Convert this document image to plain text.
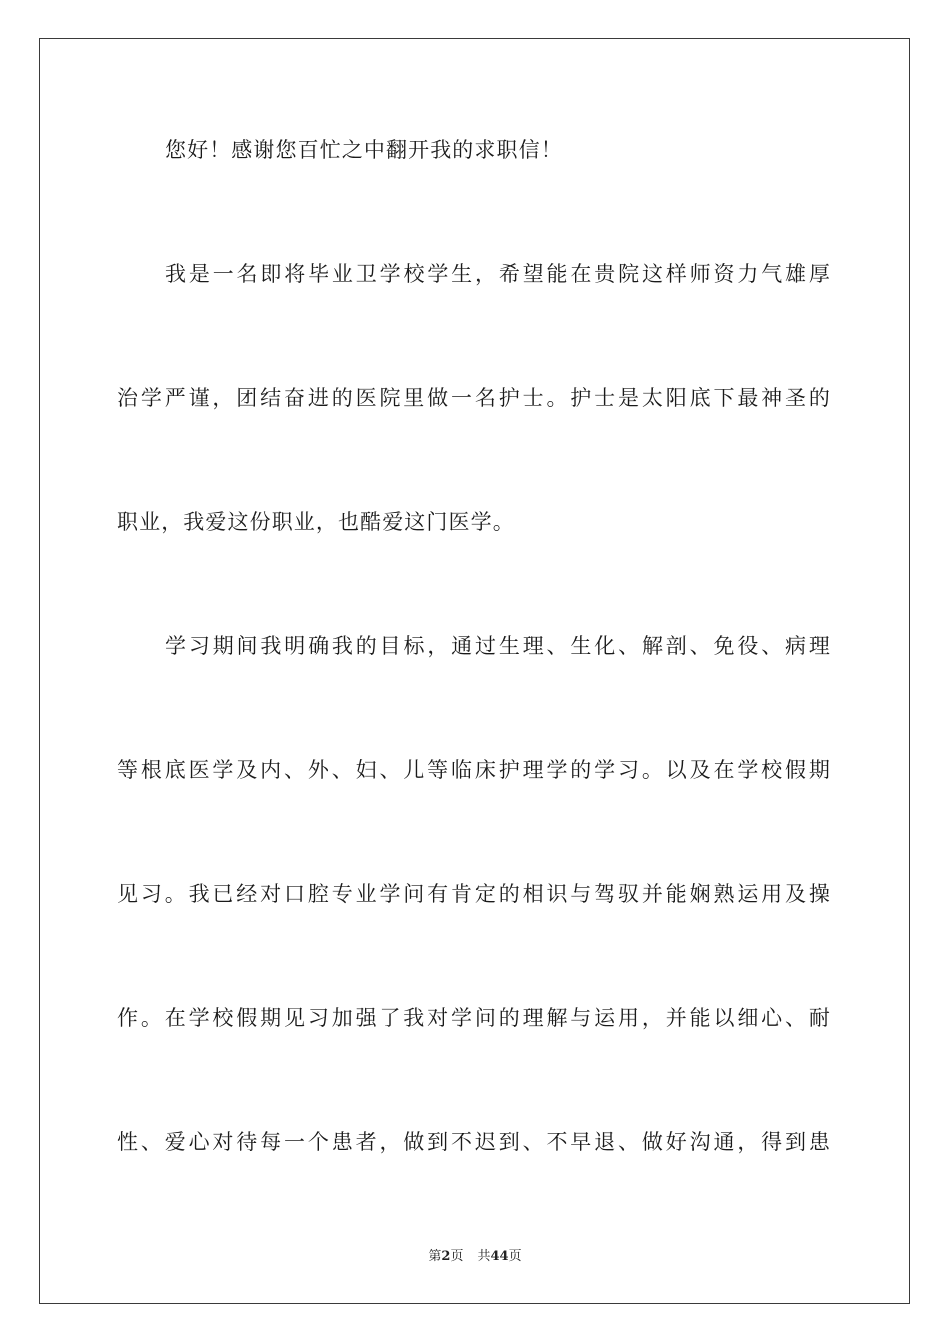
您好！感谢您百忙之中翻开我的求职信！
我是一名即将毕业卫学校学生，希望能在贵院这样师资力气雄厚
治学严谨，团结奋进的医院里做一名护士。护士是太阳底下最神圣的
职业，我爱这份职业，也酷爱这门医学。
学习期间我明确我的目标，通过生理、生化、解剖、免役、病理
等根底医学及内、外、妇、儿等临床护理学的学习。以及在学校假期
见习。我已经对口腔专业学问有肯定的相识与驾驭并能娴熟运用及操
作。在学校假期见习加强了我对学问的理解与运用，并能以细心、耐
性、爱心对待每一个患者，做到不迟到、不早退、做好沟通，得到患
第2页 共44页
